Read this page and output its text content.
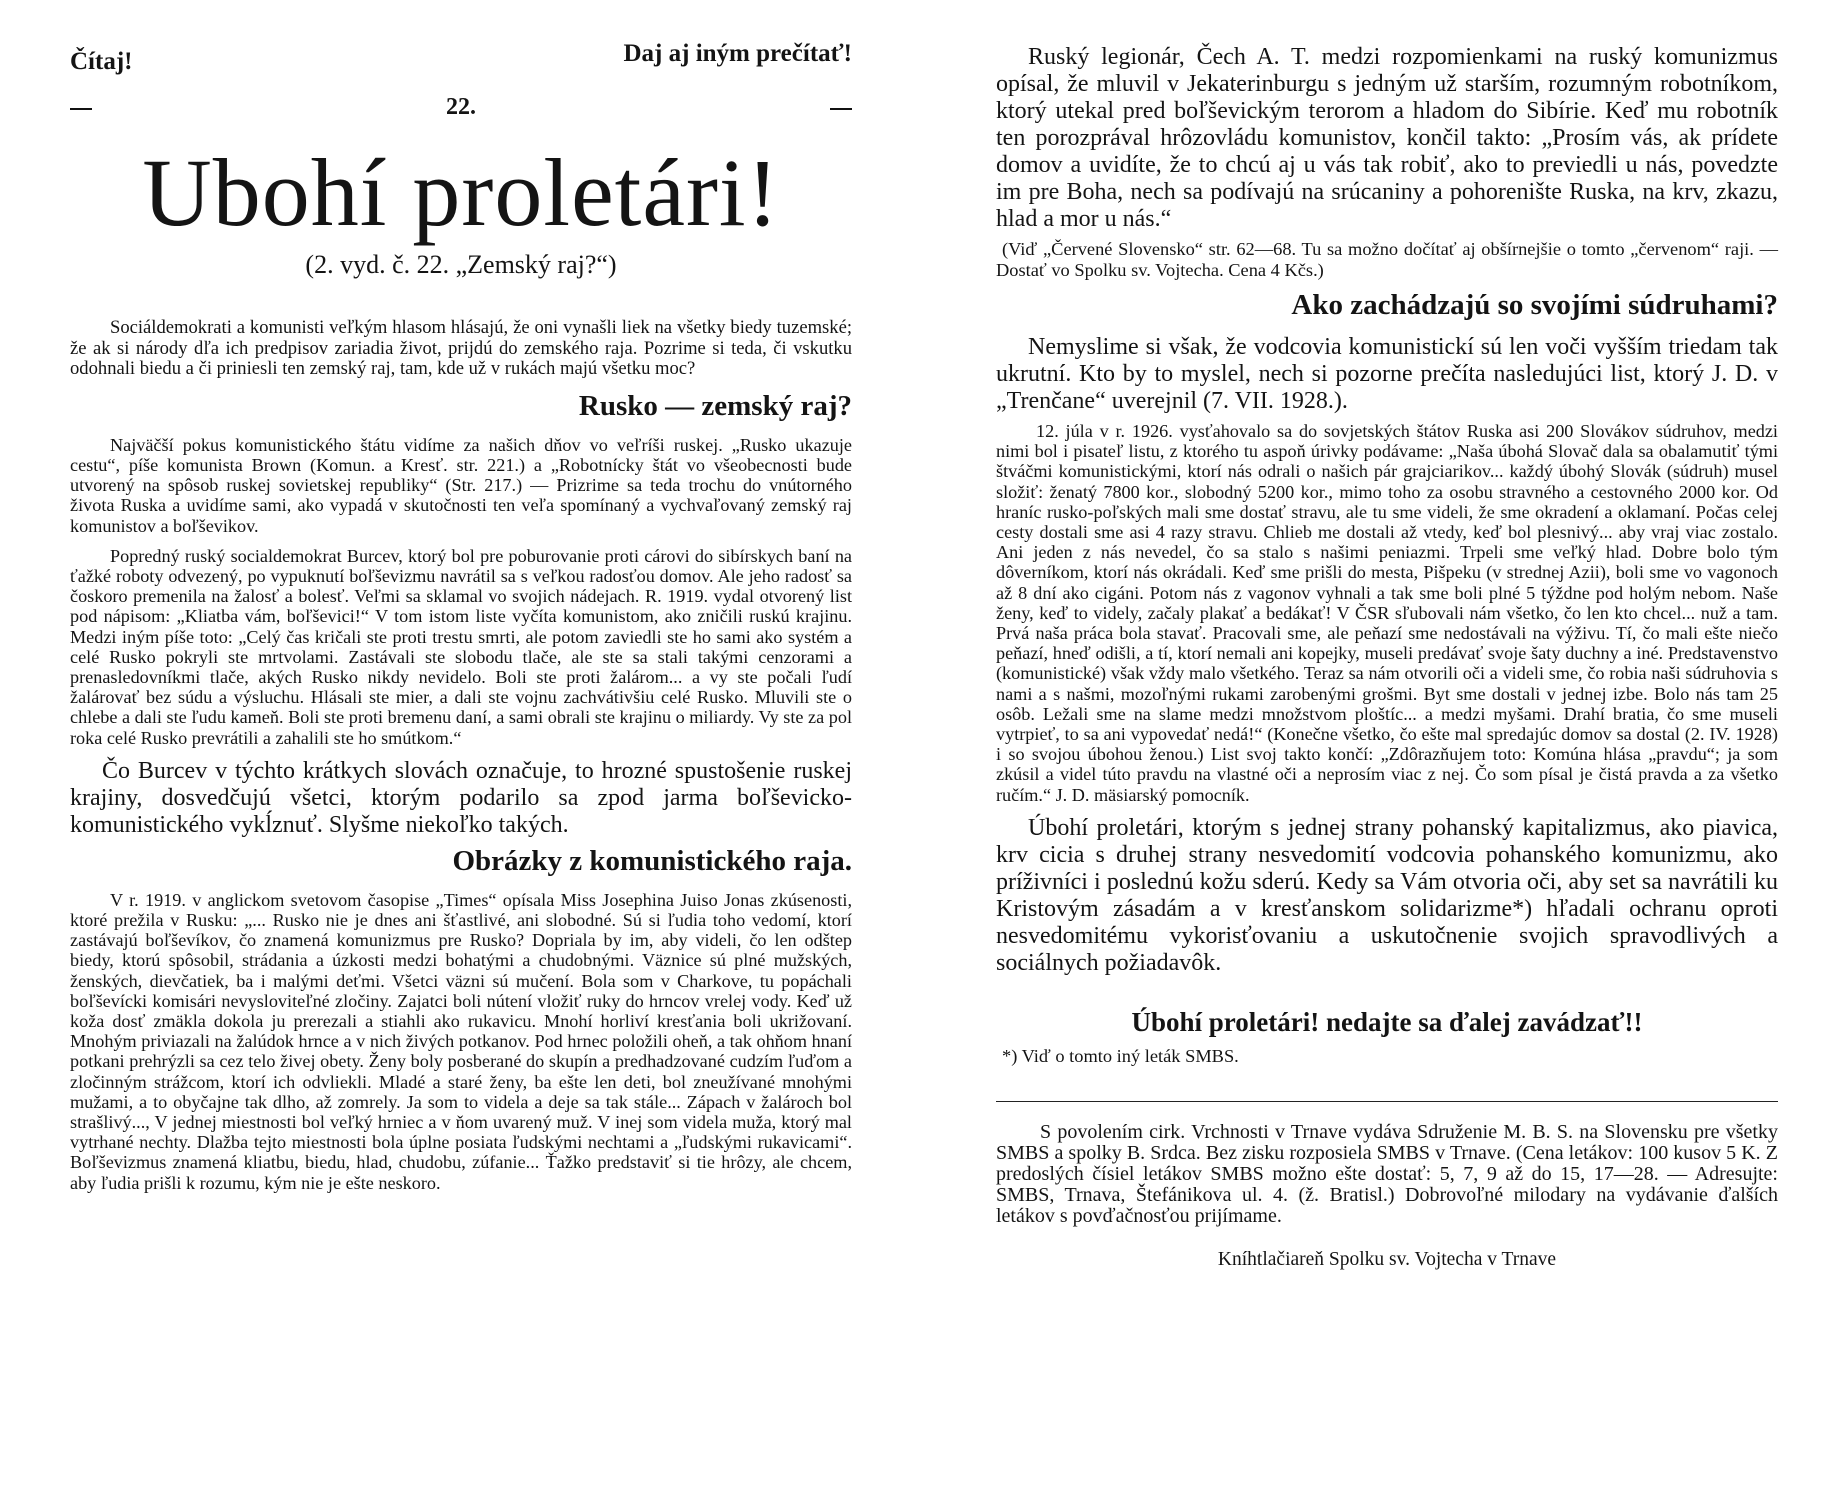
Čítaj!	Daj aj iným prečítať!
22.
Ubohí proletári!
(2. vyd. č. 22. „Zemský raj?“)

Sociáldemokrati a komunisti veľkým hlasom hlásajú, že oni vynašli liek na všetky biedy tuzemské; že ak si národy dľa ich predpisov zariadia život, prijdú do zemského raja. Pozrime si teda, či vskutku odohnali biedu a či priniesli ten zemský raj, tam, kde už v rukách majú všetku moc?

Rusko — zemský raj?

Najväčší pokus komunistického štátu vidíme za našich dňov vo veľríši ruskej. „Rusko ukazuje cestu“, píše komunista Brown (Komun. a Kresť. str. 221.) a „Robotnícky štát vo všeobecnosti bude utvorený na spôsob ruskej sovietskej republiky“ (Str. 217.) — Prizrime sa teda trochu do vnútorného života Ruska a uvidíme sami, ako vypadá v skutočnosti ten veľa spomínaný a vychvaľovaný zemský raj komunistov a boľševikov.

Popredný ruský socialdemokrat Burcev, ktorý bol pre poburovanie proti cárovi do sibírskych baní na ťažké roboty odvezený, po vypuknutí boľševizmu navrátil sa s veľkou radosťou domov. Ale jeho radosť sa čoskoro premenila na žalosť a bolesť. Veľmi sa sklamal vo svojich nádejach. R. 1919. vydal otvorený list pod nápisom: „Kliatba vám, boľševici!“ V tom istom liste vyčíta komunistom, ako zničili ruskú krajinu. Medzi iným píše toto: „Celý čas kričali ste proti trestu smrti, ale potom zaviedli ste ho sami ako systém a celé Rusko pokryli ste mrtvolami. Zastávali ste slobodu tlače, ale ste sa stali takými cenzorami a prenasledovníkmi tlače, akých Rusko nikdy nevidelo. Boli ste proti žalárom... a vy ste počali ľudí žalárovať bez súdu a výsluchu. Hlásali ste mier, a dali ste vojnu zachvátivšiu celé Rusko. Mluvili ste o chlebe a dali ste ľudu kameň. Boli ste proti bremenu daní, a sami obrali ste krajinu o miliardy. Vy ste za pol roka celé Rusko prevrátili a zahalili ste ho smútkom.“

Čo Burcev v týchto krátkych slovách označuje, to hrozné spustošenie ruskej krajiny, dosvedčujú všetci, ktorým podarilo sa zpod jarma boľševicko-komunistického vykĺznuť. Slyšme niekoľko takých.

Obrázky z komunistického raja.

V r. 1919. v anglickom svetovom časopise „Times“ opísala Miss Josephina Juiso Jonas zkúsenosti, ktoré prežila v Rusku: „... Rusko nie je dnes ani šťastlivé, ani slobodné. Sú si ľudia toho vedomí, ktorí zastávajú boľševíkov, čo znamená komunizmus pre Rusko? Dopriala by im, aby videli, čo len odštep biedy, ktorú spôsobil, strádania a úzkosti medzi bohatými a chudobnými. Väznice sú plné mužských, ženských, dievčatiek, ba i malými deťmi. Všetci väzni sú mučení. Bola som v Charkove, tu popáchali boľševícki komisári nevysloviteľné zločiny. Zajatci boli nútení vložiť ruky do hrncov vrelej vody. Keď už koža dosť zmäkla dokola ju prerezali a stiahli ako rukavicu. Mnohí horliví kresťania boli ukrižovaní. Mnohým priviazali na žalúdok hrnce a v nich živých potkanov. Pod hrnec položili oheň, a tak ohňom hnaní potkani prehrýzli sa cez telo živej obety. Ženy boly posberané do skupín a predhadzované cudzím ľuďom a zločinným strážcom, ktorí ich odvliekli. Mladé a staré ženy, ba ešte len deti, bol zneužívané mnohými mužami, a to obyčajne tak dlho, až zomrely. Ja som to videla a deje sa tak stále... Zápach v žalároch bol strašlivý..., V jednej miestnosti bol veľký hrniec a v ňom uvarený muž. V inej som videla muža, ktorý mal vytrhané nechty. Dlažba tejto miestnosti bola úplne posiata ľudskými nechtami a „ľudskými rukavicami“. Boľševizmus znamená kliatbu, biedu, hlad, chudobu, zúfanie... Ťažko predstaviť si tie hrôzy, ale chcem, aby ľudia prišli k rozumu, kým nie je ešte neskoro.

Ruský legionár, Čech A. T. medzi rozpomienkami na ruský komunizmus opísal, že mluvil v Jekaterinburgu s jedným už starším, rozumným robotníkom, ktorý utekal pred boľševickým terorom a hladom do Sibírie. Keď mu robotník ten porozprával hrôzovládu komunistov, končil takto: „Prosím vás, ak prídete domov a uvidíte, že to chcú aj u vás tak robiť, ako to previedli u nás, povedzte im pre Boha, nech sa podívajú na srúcaniny a pohorenište Ruska, na krv, zkazu, hlad a mor u nás.“

(Viď „Červené Slovensko“ str. 62—68. Tu sa možno dočítať aj obšírnejšie o tomto „červenom“ raji. — Dostať vo Spolku sv. Vojtecha. Cena 4 Kčs.)

Ako zachádzajú so svojími súdruhami?

Nemyslime si však, že vodcovia komunistickí sú len voči vyšším triedam tak ukrutní. Kto by to myslel, nech si pozorne prečíta nasledujúci list, ktorý J. D. v „Trenčane“ uverejnil (7. VII. 1928.).

12. júla v r. 1926. vysťahovalo sa do sovjetských štátov Ruska asi 200 Slovákov súdruhov, medzi nimi bol i pisateľ listu, z ktorého tu aspoň úrivky podávame: „Naša úbohá Slovač dala sa obalamutiť tými štváčmi komunistickými, ktorí nás odrali o našich pár grajciarikov... každý úbohý Slovák (súdruh) musel složiť: ženatý 7800 kor., slobodný 5200 kor., mimo toho za osobu stravného a cestovného 2000 kor. Od hraníc rusko-poľských mali sme dostať stravu, ale tu sme videli, že sme okradení a oklamaní. Počas celej cesty dostali sme asi 4 razy stravu. Chlieb me dostali až vtedy, keď bol plesnivý... aby vraj viac zostalo. Ani jeden z nás nevedel, čo sa stalo s našimi peniazmi. Trpeli sme veľký hlad. Dobre bolo tým dôverníkom, ktorí nás okrádali. Keď sme prišli do mesta, Pišpeku (v strednej Azii), boli sme vo vagonoch až 8 dní ako cigáni. Potom nás z vagonov vyhnali a tak sme boli plné 5 týždne pod holým nebom. Naše ženy, keď to videly, začaly plakať a bedákať! V ČSR sľubovali nám všetko, čo len kto chcel... nuž a tam. Prvá naša práca bola stavať. Pracovali sme, ale peňazí sme nedostávali na výživu. Tí, čo mali ešte niečo peňazí, hneď odišli, a tí, ktorí nemali ani kopejky, museli predávať svoje šaty duchny a iné. Predstavenstvo (komunistické) však vždy malo všetkého. Teraz sa nám otvorili oči a videli sme, čo robia naši súdruhovia s nami a s našmi, mozoľnými rukami zarobenými grošmi. Byt sme dostali v jednej izbe. Bolo nás tam 25 osôb. Ležali sme na slame medzi množstvom ploštíc... a medzi myšami. Drahí bratia, čo sme museli vytrpieť, to sa ani vypovedať nedá!“ (Konečne všetko, čo ešte mal spredajúc domov sa dostal (2. IV. 1928) i so svojou úbohou ženou.) List svoj takto končí: „Zdôrazňujem toto: Komúna hlása „pravdu“; ja som zkúsil a videl túto pravdu na vlastné oči a neprosím viac z nej. Čo som písal je čistá pravda a za všetko ručím.“ J. D. mäsiarský pomocník.

Úbohí proletári, ktorým s jednej strany pohanský kapitalizmus, ako piavica, krv cicia s druhej strany nesvedomití vodcovia pohanského komunizmu, ako príživníci i poslednú kožu sderú. Kedy sa Vám otvoria oči, aby set sa navrátili ku Kristovým zásadám a v kresťanskom solidarizme*) hľadali ochranu oproti nesvedomitému vykorisťovaniu a uskutočnenie svojich spravodlivých a sociálnych požiadavôk.

Úbohí proletári! nedajte sa ďalej zavádzať!!

*) Viď o tomto iný leták SMBS.

S povolením cirk. Vrchnosti v Trnave vydáva Sdruženie M. B. S. na Slovensku pre všetky SMBS a spolky B. Srdca. Bez zisku rozposiela SMBS v Trnave. (Cena letákov: 100 kusov 5 K. Z predoslých čísiel letákov SMBS možno ešte dostať: 5, 7, 9 až do 15, 17—28. — Adresujte: SMBS, Trnava, Štefánikova ul. 4. (ž. Bratisl.) Dobrovoľné milodary na vydávanie ďalších letákov s povďačnosťou prijímame.

Kníhtlačiareň Spolku sv. Vojtecha v Trnave
